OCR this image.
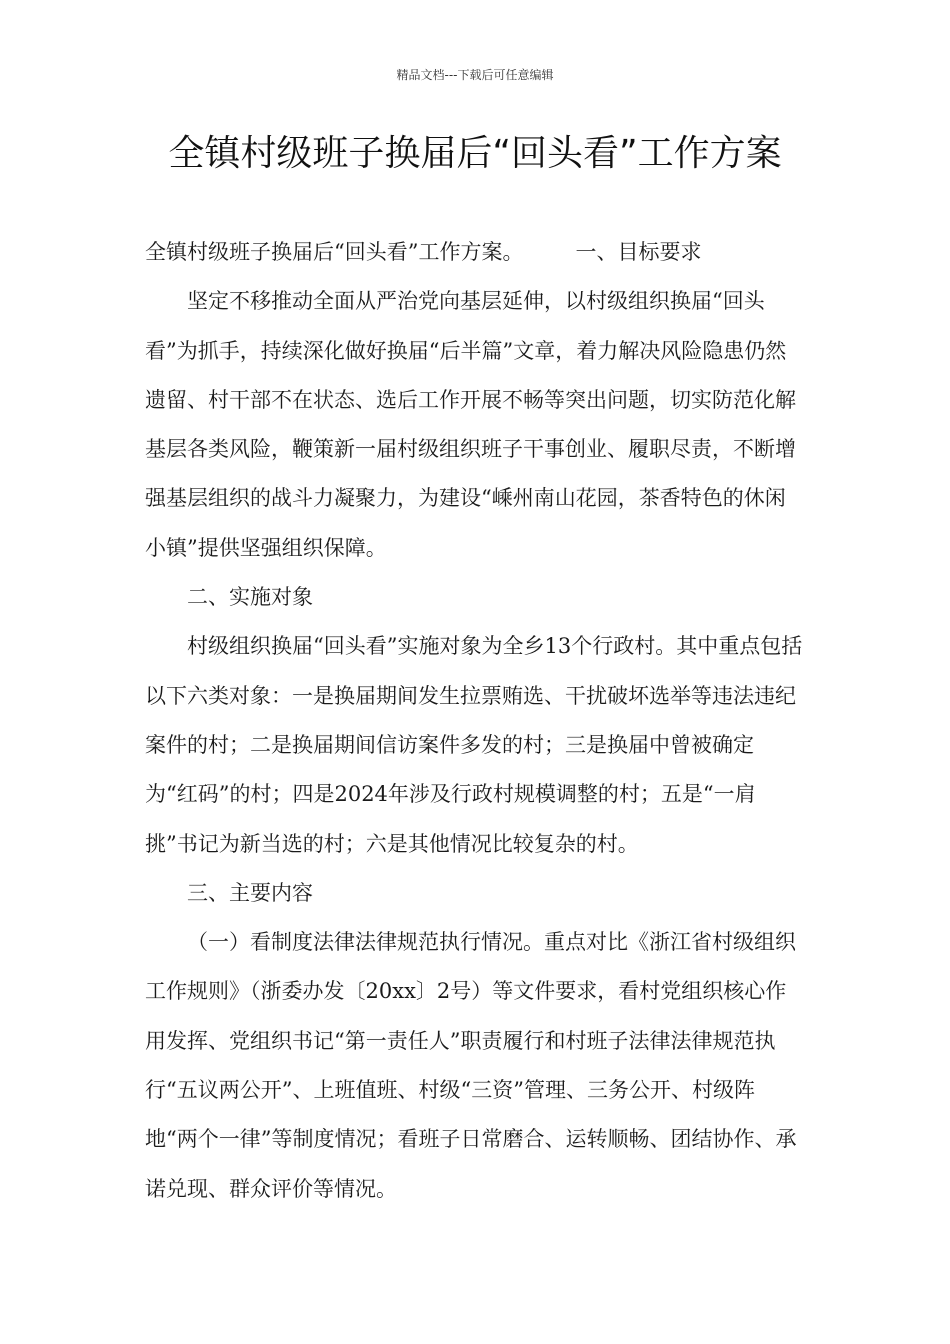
精品文档---下载后可任意编辑
全镇村级班子换届后“回头看”工作方案

全镇村级班子换届后“回头看”工作方案。 一、目标要求

坚定不移推动全面从严治党向基层延伸，以村级组织换届“回头看”为抓手，持续深化做好换届“后半篇”文章，着力解决风险隐患仍然遗留、村干部不在状态、选后工作开展不畅等突出问题，切实防范化解基层各类风险，鞭策新一届村级组织班子干事创业、履职尽责，不断增强基层组织的战斗力凝聚力，为建设“嵊州南山花园，茶香特色的休闲小镇”提供坚强组织保障。

二、实施对象

村级组织换届“回头看”实施对象为全乡13个行政村。其中重点包括以下六类对象：一是换届期间发生拉票贿选、干扰破坏选举等违法违纪案件的村；二是换届期间信访案件多发的村；三是换届中曾被确定为“红码”的村；四是2024年涉及行政村规模调整的村；五是“一肩挑”书记为新当选的村；六是其他情况比较复杂的村。

三、主要内容

（一）看制度法律法律规范执行情况。重点对比《浙江省村级组织工作规则》（浙委办发〔20xx〕2号）等文件要求，看村党组织核心作用发挥、党组织书记“第一责任人”职责履行和村班子法律法律规范执行“五议两公开”、上班值班、村级“三资”管理、三务公开、村级阵地“两个一律”等制度情况；看班子日常磨合、运转顺畅、团结协作、承诺兑现、群众评价等情况。
